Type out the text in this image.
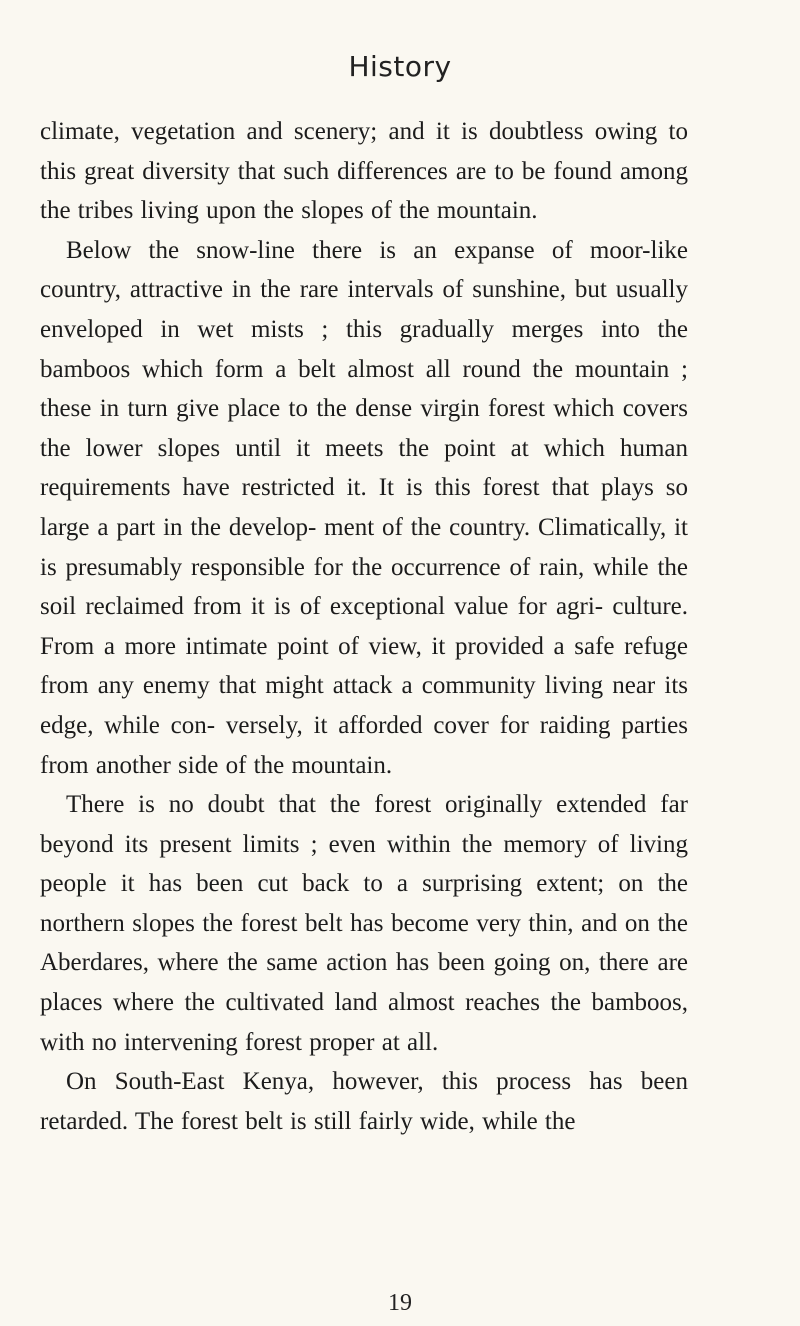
History

climate, vegetation and scenery; and it is doubtless owing to this great diversity that such differences are to be found among the tribes living upon the slopes of the mountain.

Below the snow-line there is an expanse of moor-like country, attractive in the rare intervals of sunshine, but usually enveloped in wet mists ; this gradually merges into the bamboos which form a belt almost all round the mountain ; these in turn give place to the dense virgin forest which covers the lower slopes until it meets the point at which human requirements have restricted it. It is this forest that plays so large a part in the develop- ment of the country. Climatically, it is presumably responsible for the occurrence of rain, while the soil reclaimed from it is of exceptional value for agri- culture. From a more intimate point of view, it provided a safe refuge from any enemy that might attack a community living near its edge, while con- versely, it afforded cover for raiding parties from another side of the mountain.

There is no doubt that the forest originally extended far beyond its present limits ; even within the memory of living people it has been cut back to a surprising extent; on the northern slopes the forest belt has become very thin, and on the Aberdares, where the same action has been going on, there are places where the cultivated land almost reaches the bamboos, with no intervening forest proper at all.

On South-East Kenya, however, this process has been retarded. The forest belt is still fairly wide, while the

19
